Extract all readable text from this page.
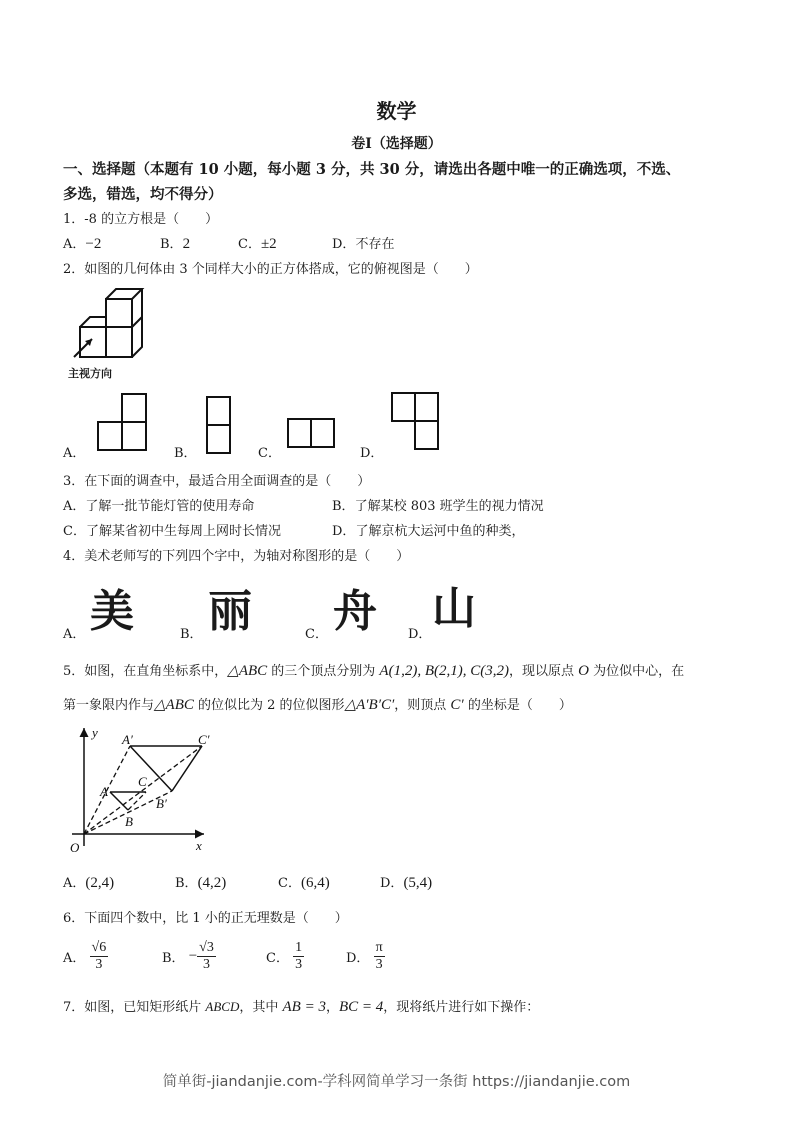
数学
卷I（选择题）
一、选择题（本题有 10 小题，每小题 3 分，共 30 分，请选出各题中唯一的正确选项，不选、
多选，错选，均不得分）
1．-8 的立方根是（　　）
A．−2	B．2	C．±2	D．不存在
2．如图的几何体由 3 个同样大小的正方体搭成，它的俯视图是（　　）
主视方向
A．	B．	C．	D．
3．在下面的调查中，最适合用全面调查的是（　　）
A．了解一批节能灯管的使用寿命	B．了解某校 803 班学生的视力情况
C．了解某省初中生每周上网时长情况	D．了解京杭大运河中鱼的种类，
4．美术老师写的下列四个字中，为轴对称图形的是（　　）
A． 美	B． 丽	C． 舟 D．
山
5．如图，在直角坐标系中，△ABC 的三个顶点分别为 A(1,2), B(2,1), C(3,2)，现以原点 O 为位似中心，在
第一象限内作与△ABC 的位似比为 2 的位似图形△A′B′C′，则顶点 C′ 的坐标是（　　）
y
x
O
A
B
C
A′
B′
C′
A．(2,4)	B．(4,2)	C．(6,4)	D．(5,4)
6．下面四个数中，比 1 小的正无理数是（　　）
A． $\frac{√6}{3}$	B． − $\frac{√3}{3}$	C． $\frac{1}{3}$	D． $\frac{\pi}{3}$
7．如图，已知矩形纸片 ABCD，其中 AB = 3，BC = 4，现将纸片进行如下操作：
简单街-jiandanjie.com-学科网简单学习一条街 https://jiandanjie.com
